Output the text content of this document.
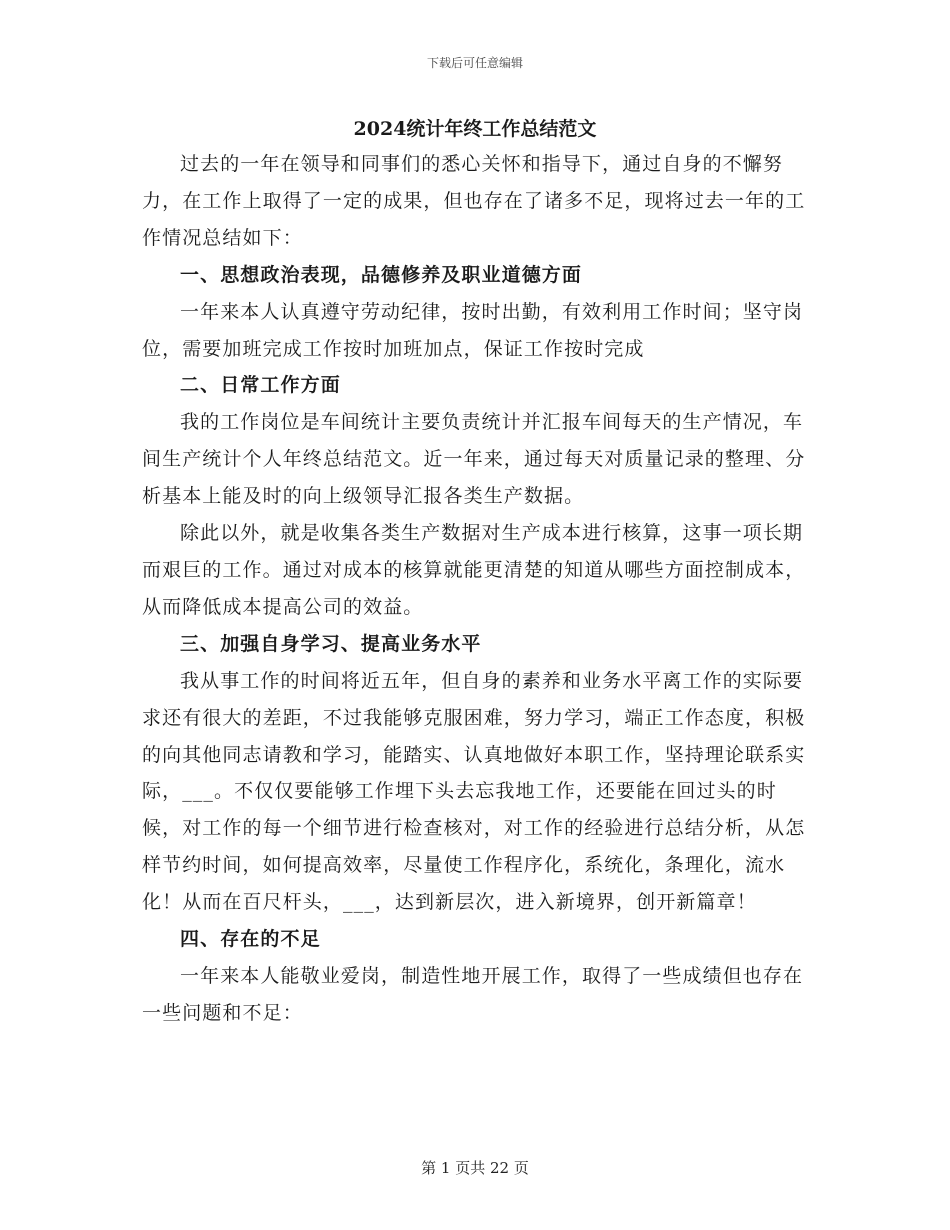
下载后可任意编辑
2024统计年终工作总结范文

过去的一年在领导和同事们的悉心关怀和指导下，通过自身的不懈努力，在工作上取得了一定的成果，但也存在了诸多不足，现将过去一年的工作情况总结如下：

一、思想政治表现，品德修养及职业道德方面

一年来本人认真遵守劳动纪律，按时出勤，有效利用工作时间；坚守岗位，需要加班完成工作按时加班加点，保证工作按时完成

二、日常工作方面

我的工作岗位是车间统计主要负责统计并汇报车间每天的生产情况，车间生产统计个人年终总结范文。近一年来，通过每天对质量记录的整理、分析基本上能及时的向上级领导汇报各类生产数据。

除此以外，就是收集各类生产数据对生产成本进行核算，这事一项长期而艰巨的工作。通过对成本的核算就能更清楚的知道从哪些方面控制成本，从而降低成本提高公司的效益。

三、加强自身学习、提高业务水平

我从事工作的时间将近五年，但自身的素养和业务水平离工作的实际要求还有很大的差距，不过我能够克服困难，努力学习，端正工作态度，积极的向其他同志请教和学习，能踏实、认真地做好本职工作，坚持理论联系实际，___。不仅仅要能够工作埋下头去忘我地工作，还要能在回过头的时候，对工作的每一个细节进行检查核对，对工作的经验进行总结分析，从怎样节约时间，如何提高效率，尽量使工作程序化，系统化，条理化，流水化！从而在百尺杆头，___，达到新层次，进入新境界，创开新篇章！

四、存在的不足

一年来本人能敬业爱岗，制造性地开展工作，取得了一些成绩但也存在一些问题和不足：

第 1 页共 22 页
